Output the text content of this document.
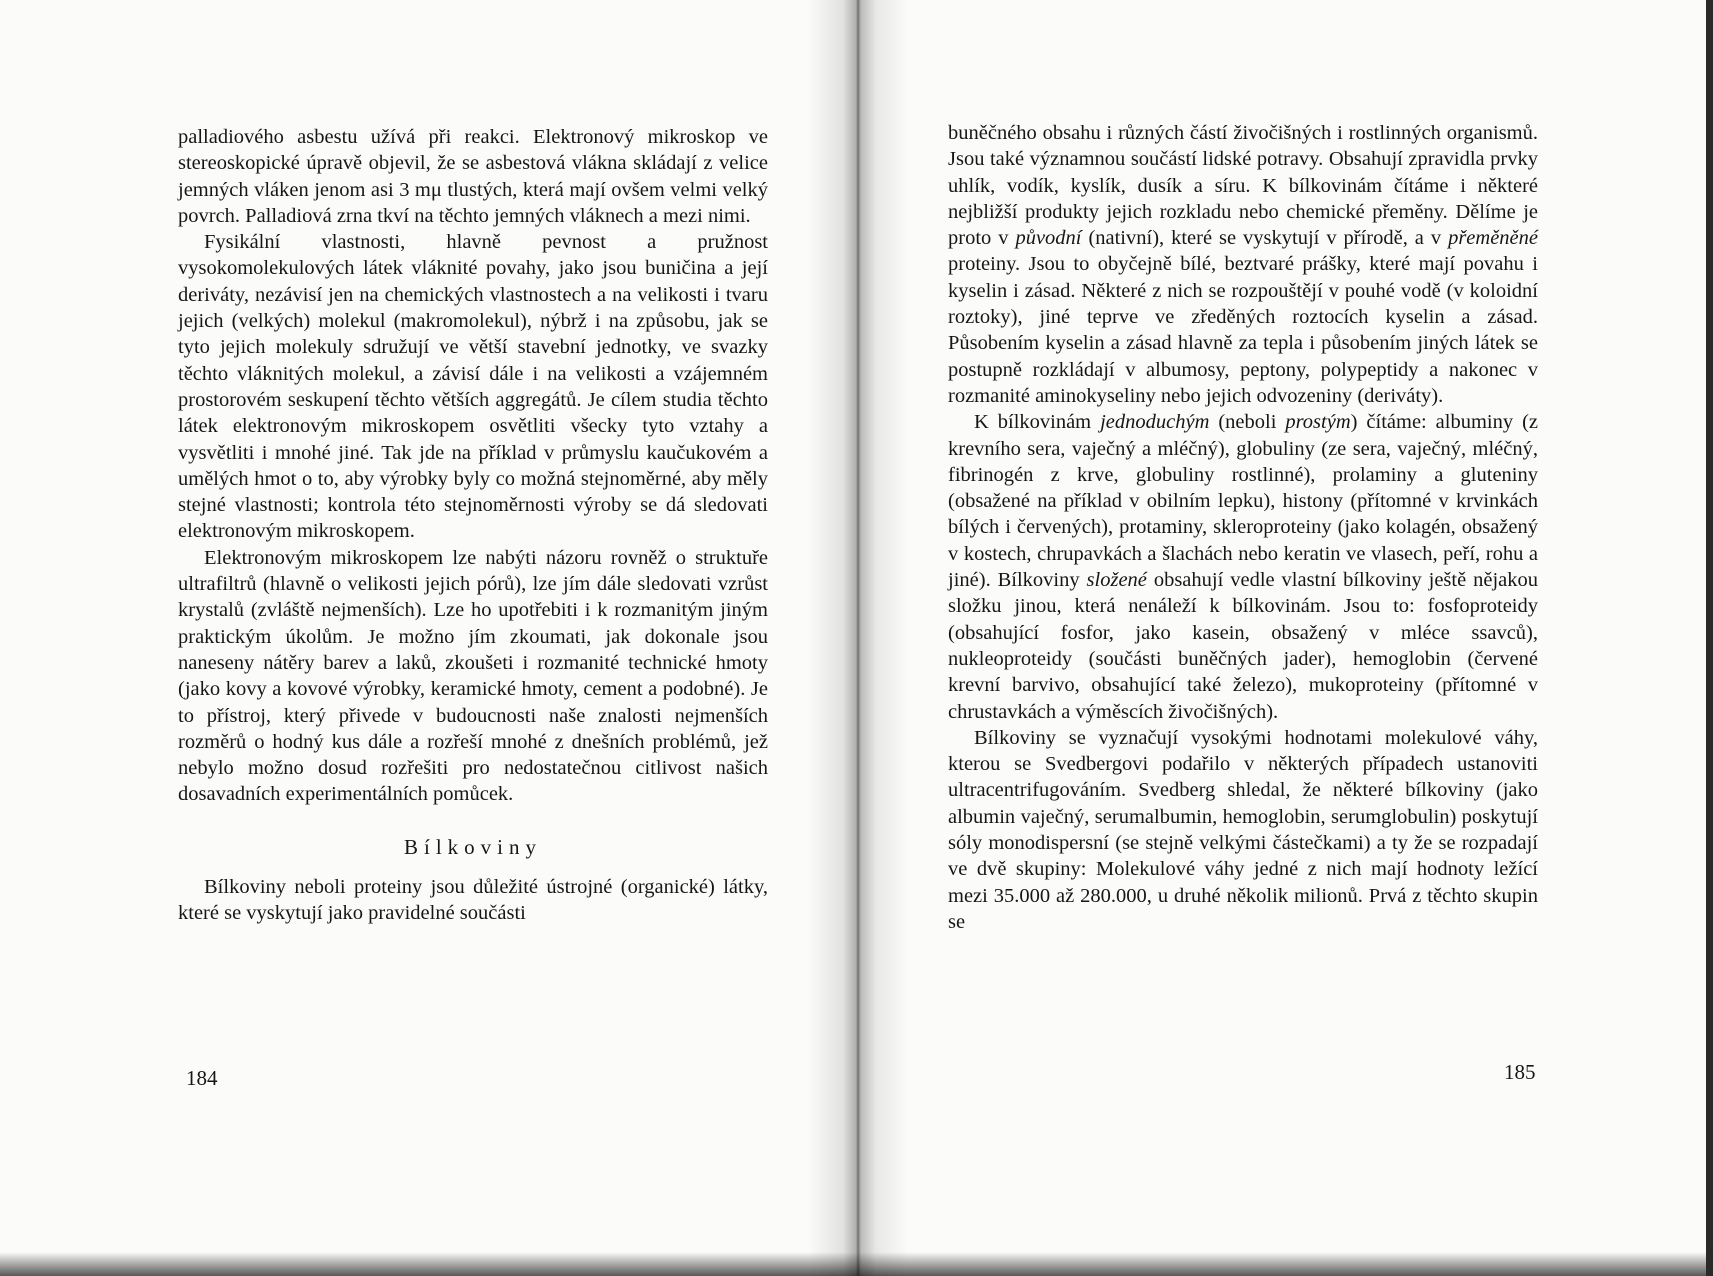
palladiového asbestu užívá při reakci. Elektronový mikroskop ve stereoskopické úpravě objevil, že se asbestová vlákna skládají z velice jemných vláken jenom asi 3 mμ tlustých, která mají ovšem velmi velký povrch. Palladiová zrna tkví na těchto jemných vláknech a mezi nimi.

Fysikální vlastnosti, hlavně pevnost a pružnost vysokomolekulových látek vláknité povahy, jako jsou buničina a její deriváty, nezávisí jen na chemických vlastnostech a na velikosti i tvaru jejich (velkých) molekul (makromolekul), nýbrž i na způsobu, jak se tyto jejich molekuly sdružují ve větší stavební jednotky, ve svazky těchto vláknitých molekul, a závisí dále i na velikosti a vzájemném prostorovém seskupení těchto větších aggregátů. Je cílem studia těchto látek elektronovým mikroskopem osvětliti všecky tyto vztahy a vysvětliti i mnohé jiné. Tak jde na příklad v průmyslu kaučukovém a umělých hmot o to, aby výrobky byly co možná stejnoměrné, aby měly stejné vlastnosti; kontrola této stejnoměrnosti výroby se dá sledovati elektronovým mikroskopem.

Elektronovým mikroskopem lze nabýti názoru rovněž o struktuře ultrafiltrů (hlavně o velikosti jejich pórů), lze jím dále sledovati vzrůst krystalů (zvláště nejmenších). Lze ho upotřebiti i k rozmanitým jiným praktickým úkolům. Je možno jím zkoumati, jak dokonale jsou naneseny nátěry barev a laků, zkoušeti i rozmanité technické hmoty (jako kovy a kovové výrobky, keramické hmoty, cement a podobné). Je to přístroj, který přivede v budoucnosti naše znalosti nejmenších rozměrů o hodný kus dále a rozřeší mnohé z dnešních problémů, jež nebylo možno dosud rozřešiti pro nedostatečnou citlivost našich dosavadních experimentálních pomůcek.

Bílkoviny

Bílkoviny neboli proteiny jsou důležité ústrojné (organické) látky, které se vyskytují jako pravidelné součásti

184

buněčného obsahu i různých částí živočišných i rostlinných organismů. Jsou také významnou součástí lidské potravy. Obsahují zpravidla prvky uhlík, vodík, kyslík, dusík a síru. K bílkovinám čítáme i některé nejbližší produkty jejich rozkladu nebo chemické přeměny. Dělíme je proto v původní (nativní), které se vyskytují v přírodě, a v přeměněné proteiny. Jsou to obyčejně bílé, beztvaré prášky, které mají povahu i kyselin i zásad. Některé z nich se rozpouštějí v pouhé vodě (v koloidní roztoky), jiné teprve ve zředěných roztocích kyselin a zásad. Působením kyselin a zásad hlavně za tepla i působením jiných látek se postupně rozkládají v albumosy, peptony, polypeptidy a nakonec v rozmanité aminokyseliny nebo jejich odvozeniny (deriváty).

K bílkovinám jednoduchým (neboli prostým) čítáme: albuminy (z krevního sera, vaječný a mléčný), globuliny (ze sera, vaječný, mléčný, fibrinogén z krve, globuliny rostlinné), prolaminy a gluteniny (obsažené na příklad v obilním lepku), histony (přítomné v krvinkách bílých i červených), protaminy, skleroproteiny (jako kolagén, obsažený v kostech, chrupavkách a šlachách nebo keratin ve vlasech, peří, rohu a jiné). Bílkoviny složené obsahují vedle vlastní bílkoviny ještě nějakou složku jinou, která nenáleží k bílkovinám. Jsou to: fosfoproteidy (obsahující fosfor, jako kasein, obsažený v mléce ssavců), nukleoproteidy (součásti buněčných jader), hemoglobin (červené krevní barvivo, obsahující také železo), mukoproteiny (přítomné v chrustavkách a výměscích živočišných).

Bílkoviny se vyznačují vysokými hodnotami molekulové váhy, kterou se Svedbergovi podařilo v některých případech ustanoviti ultracentrifugováním. Svedberg shledal, že některé bílkoviny (jako albumin vaječný, serumalbumin, hemoglobin, serumglobulin) poskytují sóly monodispersní (se stejně velkými částečkami) a ty že se rozpadají ve dvě skupiny: Molekulové váhy jedné z nich mají hodnoty ležící mezi 35.000 až 280.000, u druhé několik milionů. Prvá z těchto skupin se

185
